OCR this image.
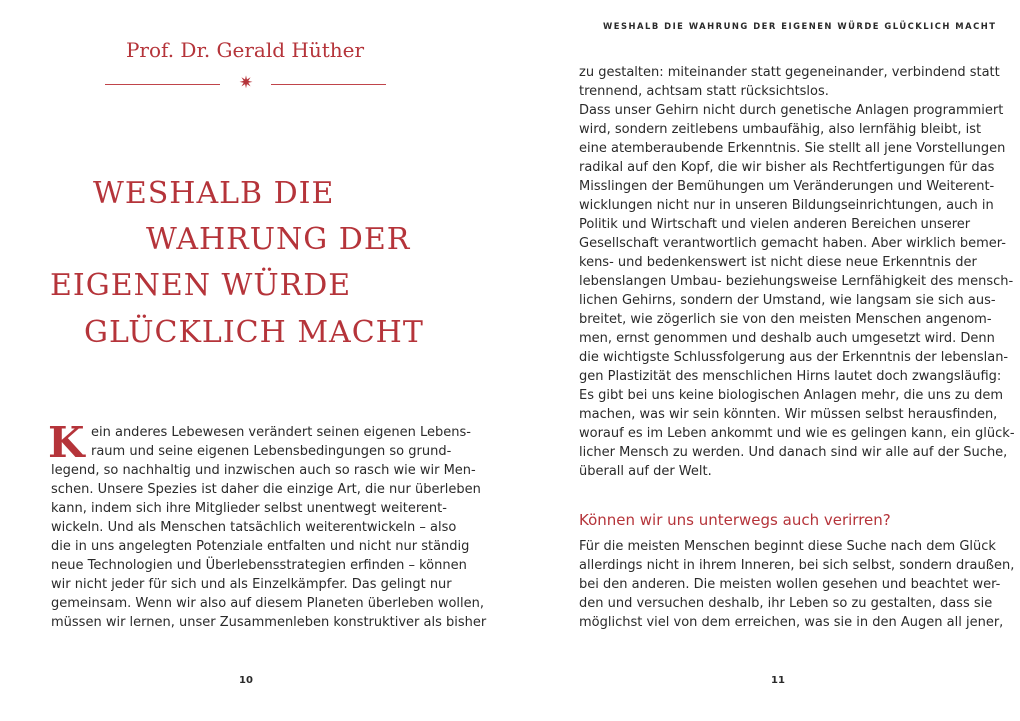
Prof. Dr. Gerald Hüther
✷
WESHALB DIE
WAHRUNG DER
EIGENEN WÜRDE
GLÜCKLICH MACHT
K ein anderes Lebewesen verändert seinen eigenen Lebens-
raum und seine eigenen Lebensbedingungen so grund-
legend, so nachhaltig und inzwischen auch so rasch wie wir Men-
schen. Unsere Spezies ist daher die einzige Art, die nur überleben
kann, indem sich ihre Mitglieder selbst unentwegt weiterent-
wickeln. Und als Menschen tatsächlich weiterentwickeln – also
die in uns angelegten Potenziale entfalten und nicht nur ständig
neue Technologien und Überlebensstrategien erfinden – können
wir nicht jeder für sich und als Einzelkämpfer. Das gelingt nur
gemeinsam. Wenn wir also auf diesem Planeten überleben wollen,
müssen wir lernen, unser Zusammenleben konstruktiver als bisher
10
WESHALB DIE WAHRUNG DER EIGENEN WÜRDE GLÜCKLICH MACHT
zu gestalten: miteinander statt gegeneinander, verbindend statt
trennend, achtsam statt rücksichtslos.
Dass unser Gehirn nicht durch genetische Anlagen programmiert
wird, sondern zeitlebens umbaufähig, also lernfähig bleibt, ist
eine atemberaubende Erkenntnis. Sie stellt all jene Vorstellungen
radikal auf den Kopf, die wir bisher als Rechtfertigungen für das
Misslingen der Bemühungen um Veränderungen und Weiterent-
wicklungen nicht nur in unseren Bildungseinrichtungen, auch in
Politik und Wirtschaft und vielen anderen Bereichen unserer
Gesellschaft verantwortlich gemacht haben. Aber wirklich bemer-
kens- und bedenkenswert ist nicht diese neue Erkenntnis der
lebenslangen Umbau- beziehungsweise Lernfähigkeit des mensch-
lichen Gehirns, sondern der Umstand, wie langsam sie sich aus-
breitet, wie zögerlich sie von den meisten Menschen angenom-
men, ernst genommen und deshalb auch umgesetzt wird. Denn
die wichtigste Schlussfolgerung aus der Erkenntnis der lebenslan-
gen Plastizität des menschlichen Hirns lautet doch zwangsläufig:
Es gibt bei uns keine biologischen Anlagen mehr, die uns zu dem
machen, was wir sein könnten. Wir müssen selbst herausfinden,
worauf es im Leben ankommt und wie es gelingen kann, ein glück-
licher Mensch zu werden. Und danach sind wir alle auf der Suche,
überall auf der Welt.
Können wir uns unterwegs auch verirren?
Für die meisten Menschen beginnt diese Suche nach dem Glück
allerdings nicht in ihrem Inneren, bei sich selbst, sondern draußen,
bei den anderen. Die meisten wollen gesehen und beachtet wer-
den und versuchen deshalb, ihr Leben so zu gestalten, dass sie
möglichst viel von dem erreichen, was sie in den Augen all jener,
11
